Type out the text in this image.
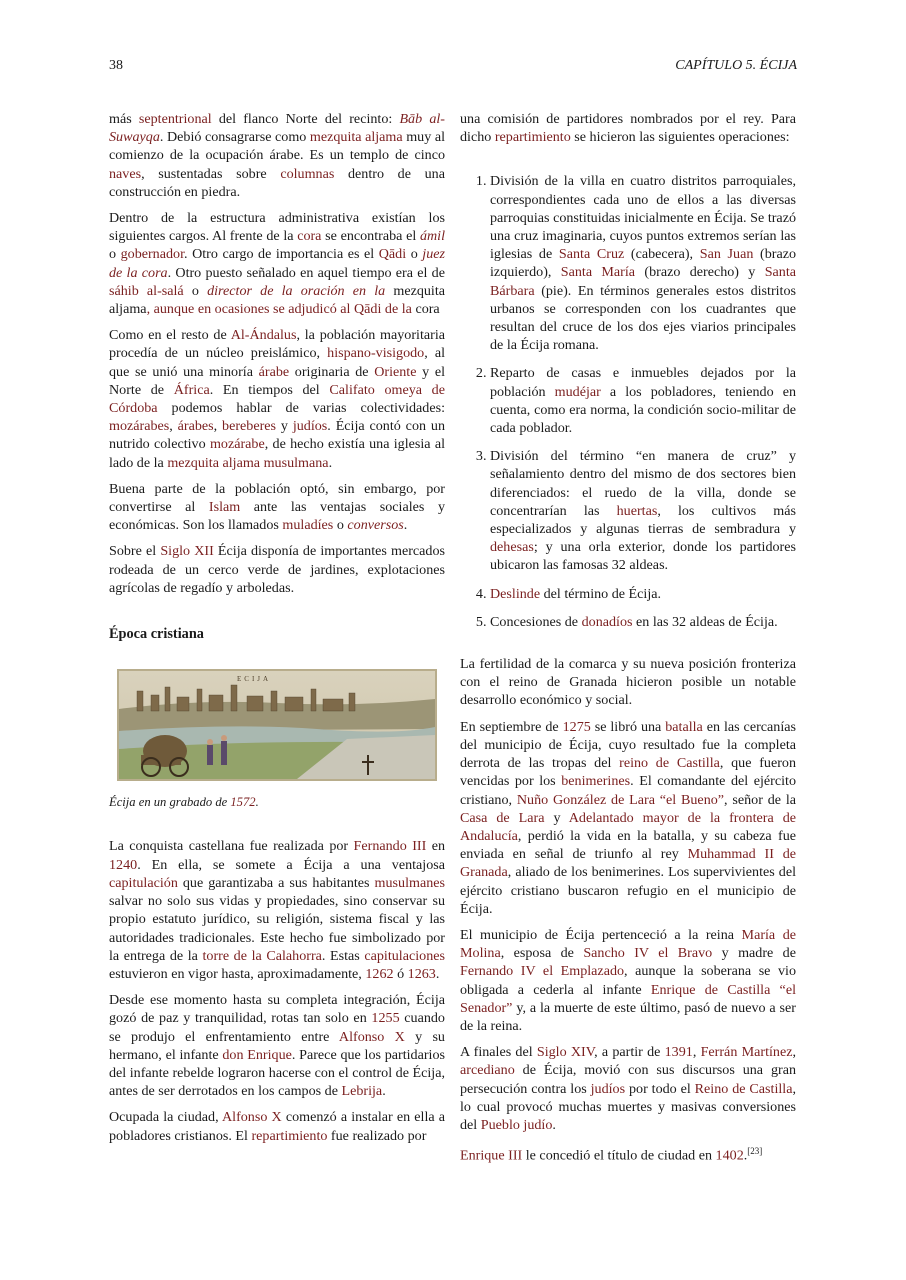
38	CAPÍTULO 5. ÉCIJA

más septentrional del flanco Norte del recinto: Bāb al-Suwayqa. Debió consagrarse como mezquita aljama muy al comienzo de la ocupación árabe. Es un templo de cinco naves, sustentadas sobre columnas dentro de una construcción en piedra.

Dentro de la estructura administrativa existían los siguientes cargos. Al frente de la cora se encontraba el ámil o gobernador. Otro cargo de importancia es el Qādi o juez de la cora. Otro puesto señalado en aquel tiempo era el de sáhib al-salá o director de la oración en la mezquita aljama, aunque en ocasiones se adjudicó al Qādi de la cora

Como en el resto de Al-Ándalus, la población mayoritaria procedía de un núcleo preislámico, hispano-visigodo, al que se unió una minoría árabe originaria de Oriente y el Norte de África. En tiempos del Califato omeya de Córdoba podemos hablar de varias colectividades: mozárabes, árabes, bereberes y judíos. Écija contó con un nutrido colectivo mozárabe, de hecho existía una iglesia al lado de la mezquita aljama musulmana.

Buena parte de la población optó, sin embargo, por convertirse al Islam ante las ventajas sociales y económicas. Son los llamados muladíes o conversos.

Sobre el Siglo XII Écija disponía de importantes mercados rodeada de un cerco verde de jardines, explotaciones agrícolas de regadío y arboledas.

Época cristiana
ECIJA

Écija en un grabado de 1572.

La conquista castellana fue realizada por Fernando III en 1240. En ella, se somete a Écija a una ventajosa capitulación que garantizaba a sus habitantes musulmanes salvar no solo sus vidas y propiedades, sino conservar su propio estatuto jurídico, su religión, sistema fiscal y las autoridades tradicionales. Este hecho fue simbolizado por la entrega de la torre de la Calahorra. Estas capitulaciones estuvieron en vigor hasta, aproximadamente, 1262 ó 1263.

Desde ese momento hasta su completa integración, Écija gozó de paz y tranquilidad, rotas tan solo en 1255 cuando se produjo el enfrentamiento entre Alfonso X y su hermano, el infante don Enrique. Parece que los partidarios del infante rebelde lograron hacerse con el control de Écija, antes de ser derrotados en los campos de Lebrija.

Ocupada la ciudad, Alfonso X comenzó a instalar en ella a pobladores cristianos. El repartimiento fue realizado por

una comisión de partidores nombrados por el rey. Para dicho repartimiento se hicieron las siguientes operaciones:

1. División de la villa en cuatro distritos parroquiales, correspondientes cada uno de ellos a las diversas parroquias constituidas inicialmente en Écija. Se trazó una cruz imaginaria, cuyos puntos extremos serían las iglesias de Santa Cruz (cabecera), San Juan (brazo izquierdo), Santa María (brazo derecho) y Santa Bárbara (pie). En términos generales estos distritos urbanos se corresponden con los cuadrantes que resultan del cruce de los dos ejes viarios principales de la Écija romana.
2. Reparto de casas e inmuebles dejados por la población mudéjar a los pobladores, teniendo en cuenta, como era norma, la condición socio-militar de cada poblador.
3. División del término “en manera de cruz” y señalamiento dentro del mismo de dos sectores bien diferenciados: el ruedo de la villa, donde se concentrarían las huertas, los cultivos más especializados y algunas tierras de sembradura y dehesas; y una orla exterior, donde los partidores ubicaron las famosas 32 aldeas.
4. Deslinde del término de Écija.
5. Concesiones de donadíos en las 32 aldeas de Écija.

La fertilidad de la comarca y su nueva posición fronteriza con el reino de Granada hicieron posible un notable desarrollo económico y social.

En septiembre de 1275 se libró una batalla en las cercanías del municipio de Écija, cuyo resultado fue la completa derrota de las tropas del reino de Castilla, que fueron vencidas por los benimerines. El comandante del ejército cristiano, Nuño González de Lara “el Bueno”, señor de la Casa de Lara y Adelantado mayor de la frontera de Andalucía, perdió la vida en la batalla, y su cabeza fue enviada en señal de triunfo al rey Muhammad II de Granada, aliado de los benimerines. Los supervivientes del ejército cristiano buscaron refugio en el municipio de Écija.

El municipio de Écija pertenceció a la reina María de Molina, esposa de Sancho IV el Bravo y madre de Fernando IV el Emplazado, aunque la soberana se vio obligada a cederla al infante Enrique de Castilla “el Senador” y, a la muerte de este último, pasó de nuevo a ser de la reina.

A finales del Siglo XIV, a partir de 1391, Ferrán Martínez, arcediano de Écija, movió con sus discursos una gran persecución contra los judíos por todo el Reino de Castilla, lo cual provocó muchas muertes y masivas conversiones del Pueblo judío.

Enrique III le concedió el título de ciudad en 1402.[23]
